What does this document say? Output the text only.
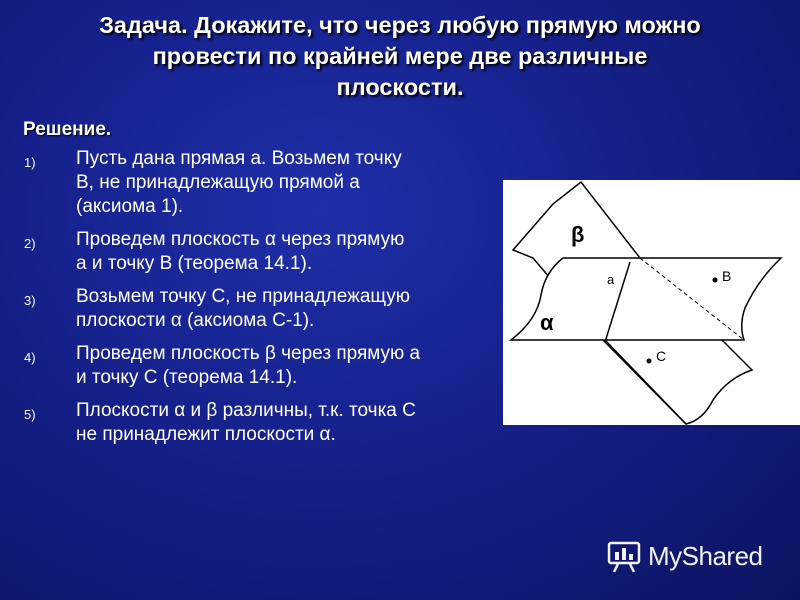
Задача. Докажите, что через любую прямую можно
провести по крайней мере две различные
плоскости.
Решение.
1) Пусть дана прямая а. Возьмем точку
В, не принадлежащую прямой а
(аксиома 1).
2) Проведем плоскость α через прямую
а и точку В (теорема 14.1).
3) Возьмем точку С, не принадлежащую
плоскости α (аксиома С-1).
4) Проведем плоскость β через прямую а
и точку С (теорема 14.1).
5) Плоскости α и β различны, т.к. точка С
не принадлежит плоскости α.
β
α
a	B
C
MyShared
